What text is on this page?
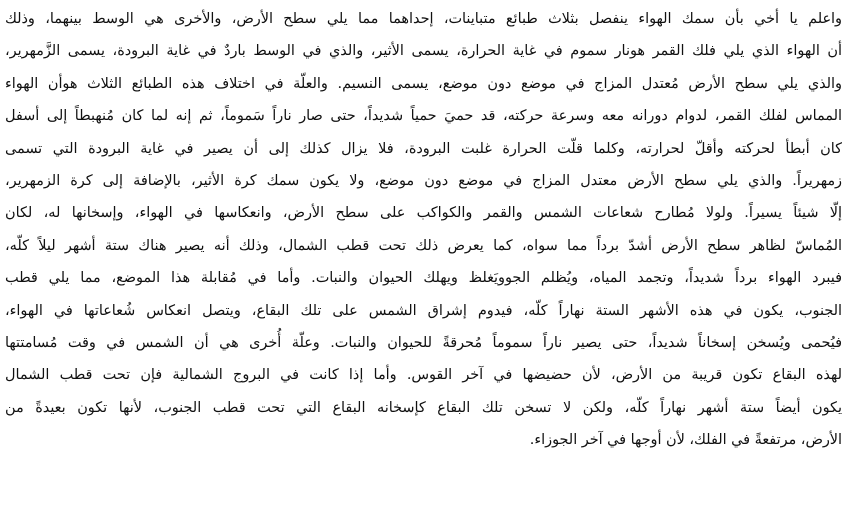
واعلم يا أخي بأن سمك الهواء ينفصل بثلاث طبائع متباينات، إحداهما مما يلي سطح الأرض، والأخرى هي الوسط بينهما، وذلك
أن الهواء الذي يلي فلك القمر هونار سموم في غاية الحرارة، يسمى الأثير، والذي في الوسط باردٌ في غاية البرودة، يسمى الزَّمهرير،
والذي يلي سطح الأرض مُعتدل المزاج في موضع دون موضع، يسمى النسيم. والعلّة في اختلاف هذه الطبائع الثلاث هوأن الهواء
المماس لفلك القمر، لدوام دورانه معه وسرعة حركته، قد حميَ حمياً شديداً، حتى صار ناراً سَموماً، ثم إنه لما كان مُنهبطاً إلى أسفل
كان أبطأ لحركته وأقلّ لحرارته، وكلما قلّت الحرارة غلبت البرودة، فلا يزال كذلك إلى أن يصير في غاية البرودة التي تسمى
زمهريراً. والذي يلي سطح الأرض معتدل المزاج في موضع دون موضع، ولا يكون سمك كرة الأثير، بالإضافة إلى كرة الزمهرير،
إلّا شيئاً يسيراً. ولولا مُطارح شعاعات الشمس والقمر والكواكب على سطح الأرض، وانعكاسها في الهواء، وإسخانها له، لكان
المُماسّ لظاهر سطح الأرض أشدّ برداً مما سواه، كما يعرض ذلك تحت قطب الشمال، وذلك أنه يصير هناك ستة أشهر ليلاً كلّه،
فيبرد الهواء برداً شديداً، وتجمد المياه، ويُظلم الجوويَغلظ ويهلك الحيوان والنبات. وأما في مُقابلة هذا الموضع، مما يلي قطب
الجنوب، يكون في هذه الأشهر الستة نهاراً كلّه، فيدوم إشراق الشمس على تلك البقاع، ويتصل انعكاس شُعاعاتها في الهواء،
فيُحمى ويُسخن إسخاناً شديداً، حتى يصير ناراً سموماً مُحرقةً للحيوان والنبات. وعلّة أُخرى هي أن الشمس في وقت مُسامتتها
لهذه البقاع تكون قريبة من الأرض، لأن حضيضها في آخر القوس. وأما إذا كانت في البروج الشمالية فإن تحت قطب الشمال
يكون أيضاً ستة أشهر نهاراً كلّه، ولكن لا تسخن تلك البقاع كإسخانه البقاع التي تحت قطب الجنوب، لأنها تكون بعيدةً من
الأرض، مرتفعةً في الفلك، لأن أوجها في آخر الجوزاء.
